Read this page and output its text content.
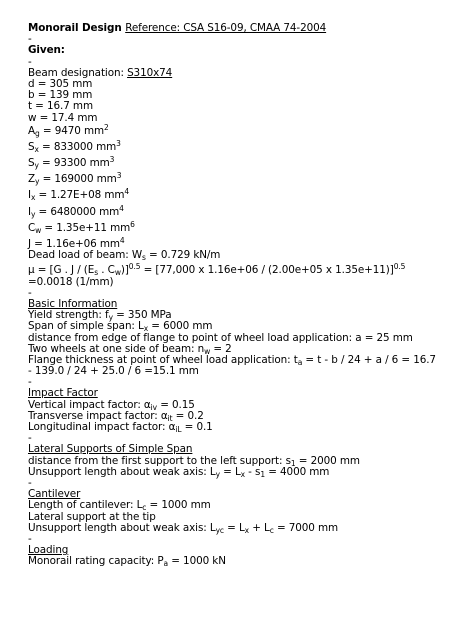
Monorail Design Reference: CSA S16-09, CMAA 74-2004
-
Given:
-
Beam designation: S310x74
d = 305 mm
b = 139 mm
t = 16.7 mm
w = 17.4 mm
$A_g = 9470$ $mm^2$
$S_x = 833000$ $mm^3$
$S_y = 93300$ $mm^3$
$Z_y = 169000$ $mm^3$
$I_x = 1.27E+08$ $mm^4$
$I_y = 6480000$ $mm^4$
$C_w = 1.35e+11$ $mm^6$
J = 1.16e+06 $mm^4$
Dead load of beam: $W_s = 0.729$ kN/m
μ = [G . J / ($E_s$ . $C_w)]^{0.5} = [77,000$ x 1.16e+06 / (2.00e+05 x 1.35e+11)]$^{0.5}$
=0.0018 (1/mm)
-
Basic Information
Yield strength: $f_y = 350$ MPa
Span of simple span: $L_x = 6000$ mm
distance from edge of flange to point of wheel load application: a = 25 mm
Two wheels at one side of beam: $n_w = 2$
Flange thickness at point of wheel load application: $t_a = t - b / 24 + a / 6 = 16.7$
- 139.0 / 24 + 25.0 / 6 =15.1 mm
-
Impact Factor
Vertical impact factor: $\alpha_{iv} = 0.15$
Transverse impact factor: $\alpha_{it} = 0.2$
Longitudinal impact factor: $\alpha_{iL} = 0.1$
-
Lateral Supports of Simple Span
distance from the first support to the left support: $s_1 = 2000$ mm
Unsupport length about weak axis: $L_y = L_x - s_1 = 4000$ mm
-
Cantilever
Length of cantilever: $L_c = 1000$ mm
Lateral support at the tip
Unsupport length about weak axis: $L_{yc} = L_x + L_c = 7000$ mm
-
Loading
Monorail rating capacity: $P_a = 1000$ kN
